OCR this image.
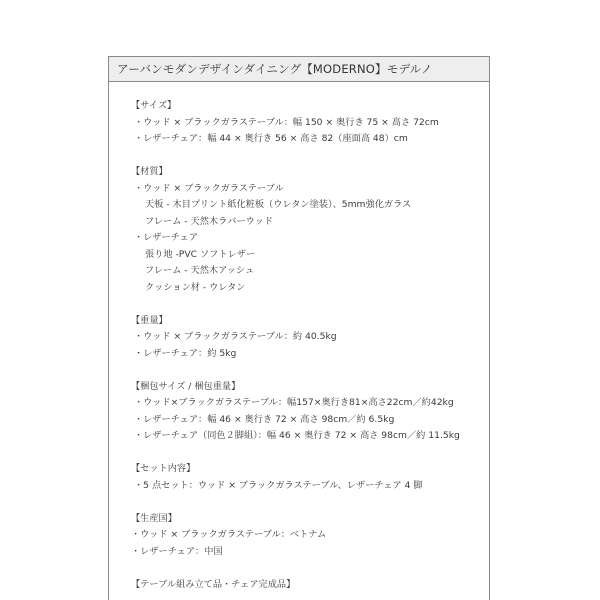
アーバンモダンデザインダイニング【MODERNO】モデルノ
【サイズ】
・ウッド × ブラックガラステーブル：幅 150 × 奥行き 75 × 高さ 72cm
・レザーチェア：幅 44 × 奥行き 56 × 高さ 82（座面高 48）cm
【材質】
・ウッド × ブラックガラステーブル
天板 - 木目プリント紙化粧板（ウレタン塗装）、5mm強化ガラス
フレーム - 天然木ラバーウッド
・レザーチェア
張り地 -PVC ソフトレザー
フレーム - 天然木アッシュ
クッション材 - ウレタン
【重量】
・ウッド × ブラックガラステーブル：約 40.5kg
・レザーチェア：約 5kg
【梱包サイズ / 梱包重量】
・ウッド×ブラックガラステーブル：幅157×奥行き81×高さ22cm／約42kg
・レザーチェア：幅 46 × 奥行き 72 × 高さ 98cm／約 6.5kg
・レザーチェア（同色２脚組）：幅 46 × 奥行き 72 × 高さ 98cm／約 11.5kg
【セット内容】
・5 点セット：ウッド × ブラックガラステーブル、レザーチェア 4 脚
【生産国】
・ウッド × ブラックガラステーブル：ベトナム
・レザーチェア：中国
【テーブル組み立て品・チェア完成品】
